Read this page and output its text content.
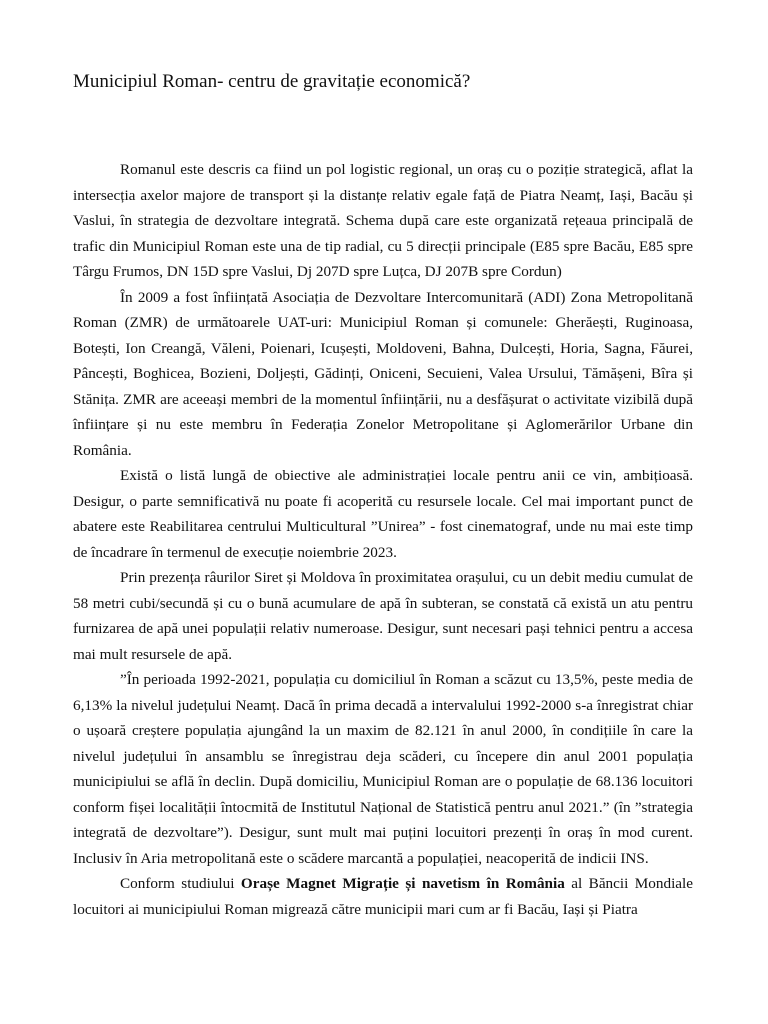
Municipiul Roman- centru de gravitație economică?

Romanul este descris ca fiind un pol logistic regional, un oraș cu o poziție strategică, aflat la intersecția axelor majore de transport și la distanțe relativ egale față de Piatra Neamț, Iași, Bacău și Vaslui, în strategia de dezvoltare integrată. Schema după care este organizată rețeaua principală de trafic din Municipiul Roman este una de tip radial, cu 5 direcții principale (E85 spre Bacău, E85 spre Târgu Frumos, DN 15D spre Vaslui, Dj 207D spre Luțca, DJ 207B spre Cordun)

În 2009 a fost înființată Asociația de Dezvoltare Intercomunitară (ADI) Zona Metropolitană Roman (ZMR) de următoarele UAT-uri: Municipiul Roman și comunele: Gherăești, Ruginoasa, Botești, Ion Creangă, Văleni, Poienari, Icușești, Moldoveni, Bahna, Dulcești, Horia, Sagna, Făurei, Pâncești, Boghicea, Bozieni, Doljești, Gădinți, Oniceni, Secuieni, Valea Ursului, Tămășeni, Bîra și Stănița. ZMR are aceeași membri de la momentul înființării, nu a desfășurat o activitate vizibilă după înființare și nu este membru în Federația Zonelor Metropolitane și Aglomerărilor Urbane din România.

Există o listă lungă de obiective ale administrației locale pentru anii ce vin, ambițioasă. Desigur, o parte semnificativă nu poate fi acoperită cu resursele locale. Cel mai important punct de abatere este Reabilitarea centrului Multicultural ”Unirea” - fost cinematograf, unde nu mai este timp de încadrare în termenul de execuție noiembrie 2023.

Prin prezența râurilor Siret și Moldova în proximitatea orașului, cu un debit mediu cumulat de 58 metri cubi/secundă și cu o bună acumulare de apă în subteran, se constată că există un atu pentru furnizarea de apă unei populații relativ numeroase. Desigur, sunt necesari pași tehnici pentru a accesa mai mult resursele de apă.

”În perioada 1992-2021, populația cu domiciliul în Roman a scăzut cu 13,5%, peste media de 6,13% la nivelul județului Neamț. Dacă în prima decadă a intervalului 1992-2000 s-a înregistrat chiar o ușoară creștere populația ajungând la un maxim de 82.121 în anul 2000, în condițiile în care la nivelul județului în ansamblu se înregistrau deja scăderi, cu începere din anul 2001 populația municipiului se află în declin. După domiciliu, Municipiul Roman are o populație de 68.136 locuitori conform fișei localității întocmită de Institutul Național de Statistică pentru anul 2021.” (în ”strategia integrată de dezvoltare”). Desigur, sunt mult mai puțini locuitori prezenți în oraș în mod curent. Inclusiv în Aria metropolitană este o scădere marcantă a populației, neacoperită de indicii INS.

Conform studiului Orașe Magnet Migrație și navetism în România al Băncii Mondiale locuitori ai municipiului Roman migrează către municipii mari cum ar fi Bacău, Iași și Piatra
